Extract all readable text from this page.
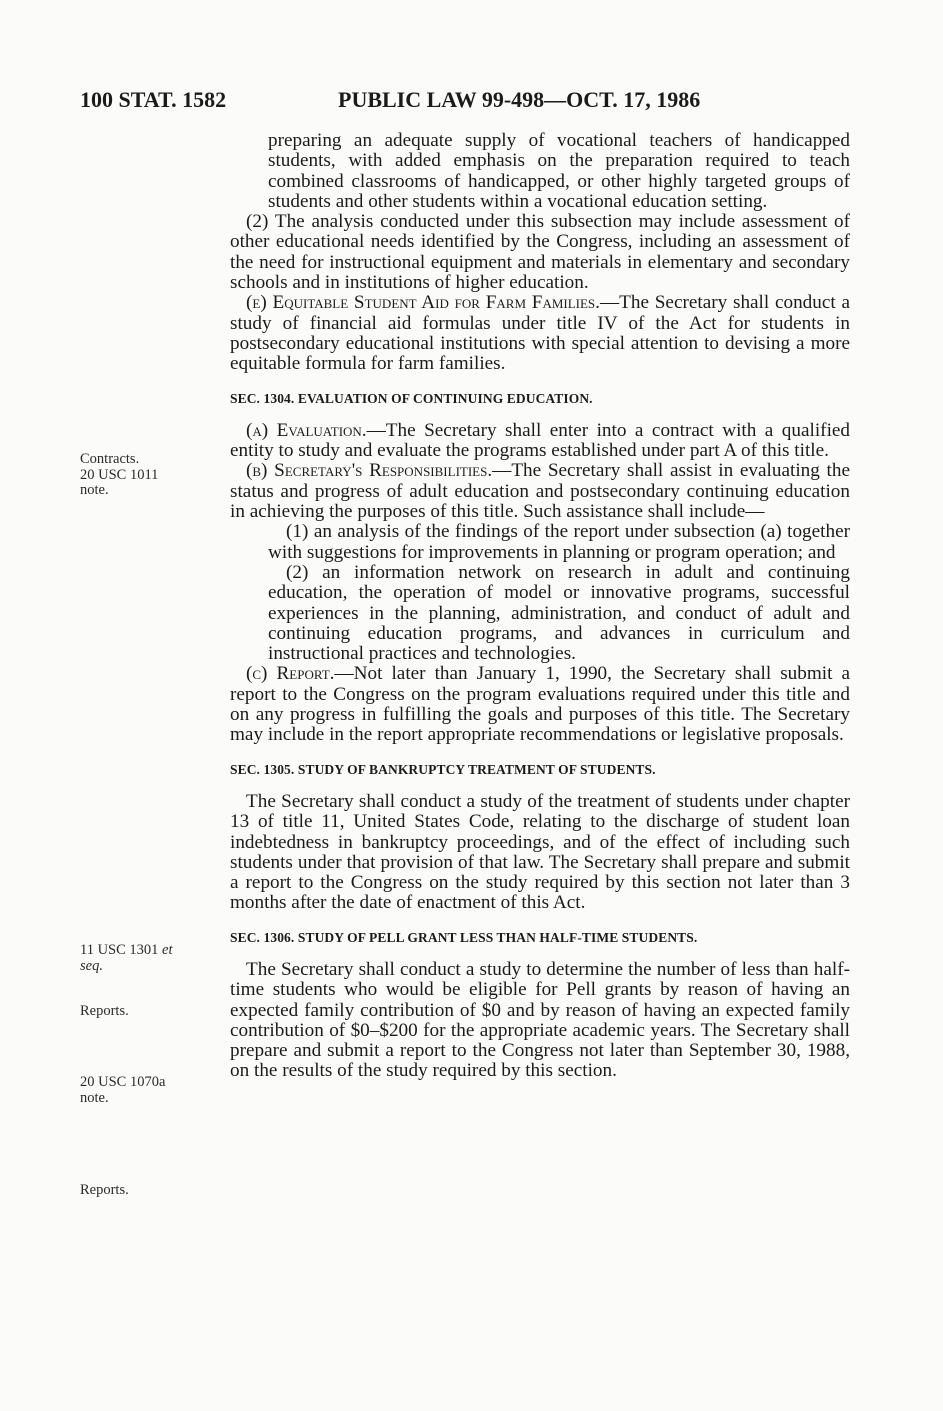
100 STAT. 1582	PUBLIC LAW 99-498—OCT. 17, 1986
Contracts.
20 USC 1011
note.
11 USC 1301 et
seq.
Reports.
20 USC 1070a
note.
Reports.

preparing an adequate supply of vocational teachers of handicapped students, with added emphasis on the preparation required to teach combined classrooms of handicapped, or other highly targeted groups of students and other students within a vocational education setting.

(2) The analysis conducted under this subsection may include assessment of other educational needs identified by the Congress, including an assessment of the need for instructional equipment and materials in elementary and secondary schools and in institutions of higher education.

(e) Equitable Student Aid for Farm Families.—The Secretary shall conduct a study of financial aid formulas under title IV of the Act for students in postsecondary educational institutions with special attention to devising a more equitable formula for farm families.

SEC. 1304. EVALUATION OF CONTINUING EDUCATION.

(a) Evaluation.—The Secretary shall enter into a contract with a qualified entity to study and evaluate the programs established under part A of this title.

(b) Secretary's Responsibilities.—The Secretary shall assist in evaluating the status and progress of adult education and postsecondary continuing education in achieving the purposes of this title. Such assistance shall include—

(1) an analysis of the findings of the report under subsection (a) together with suggestions for improvements in planning or program operation; and

(2) an information network on research in adult and continuing education, the operation of model or innovative programs, successful experiences in the planning, administration, and conduct of adult and continuing education programs, and advances in curriculum and instructional practices and technologies.

(c) Report.—Not later than January 1, 1990, the Secretary shall submit a report to the Congress on the program evaluations required under this title and on any progress in fulfilling the goals and purposes of this title. The Secretary may include in the report appropriate recommendations or legislative proposals.

SEC. 1305. STUDY OF BANKRUPTCY TREATMENT OF STUDENTS.

The Secretary shall conduct a study of the treatment of students under chapter 13 of title 11, United States Code, relating to the discharge of student loan indebtedness in bankruptcy proceedings, and of the effect of including such students under that provision of that law. The Secretary shall prepare and submit a report to the Congress on the study required by this section not later than 3 months after the date of enactment of this Act.

SEC. 1306. STUDY OF PELL GRANT LESS THAN HALF-TIME STUDENTS.

The Secretary shall conduct a study to determine the number of less than half-time students who would be eligible for Pell grants by reason of having an expected family contribution of $0 and by reason of having an expected family contribution of $0–$200 for the appropriate academic years. The Secretary shall prepare and submit a report to the Congress not later than September 30, 1988, on the results of the study required by this section.
